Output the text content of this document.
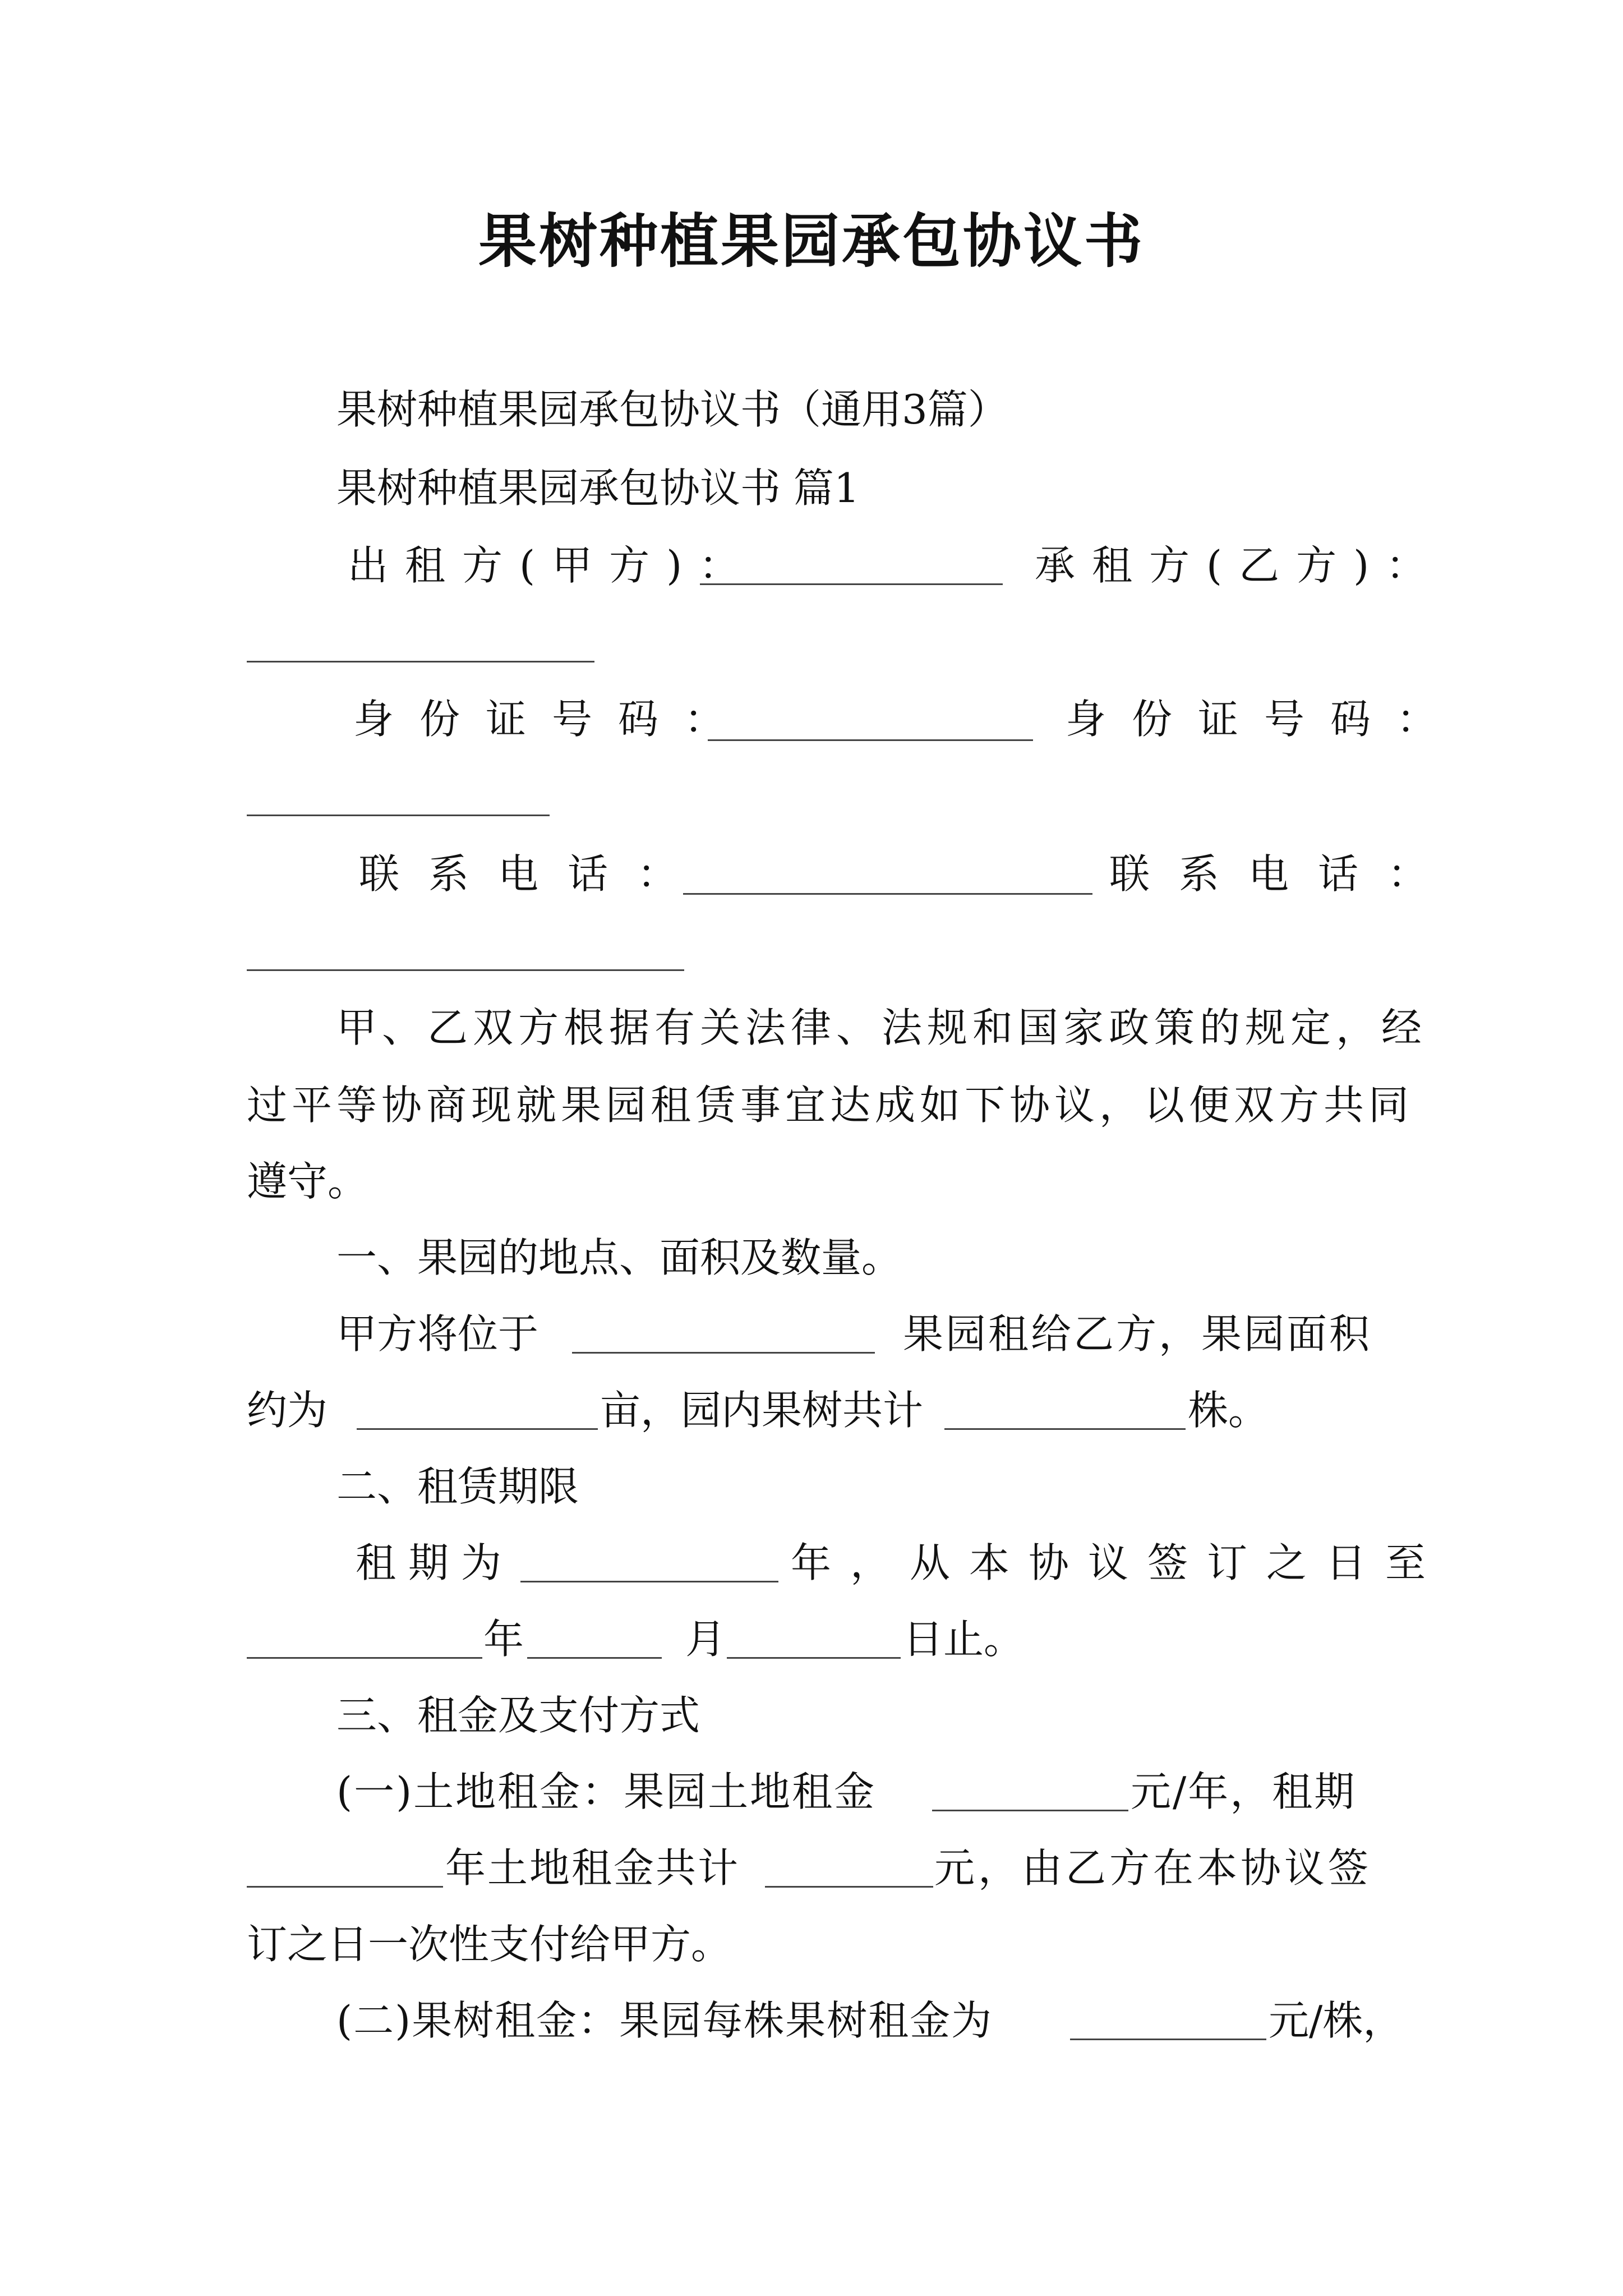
果树种植果园承包协议书
果树种植果园承包协议书（通用3篇）
果树种植果园承包协议书 篇1
出租方(甲方)：	承租方(乙方)：
身份证号码：	身份证号码：
联系电话：	联系电话：
甲、乙双方根据有关法律、法规和国家政策的规定，经
过平等协商现就果园租赁事宜达成如下协议，以便双方共同
遵守。
一、果园的地点、面积及数量。
甲方将位于	果园租给乙方，果园面积
约为	亩，园内果树共计	株。
二、租赁期限
租期为	年，从本协议签订之日至
年	月	日止。
三、租金及支付方式
(一)土地租金：果园土地租金	元/年，租期
年土地租金共计	元，由乙方在本协议签
订之日一次性支付给甲方。
(二)果树租金：果园每株果树租金为	元/株，
